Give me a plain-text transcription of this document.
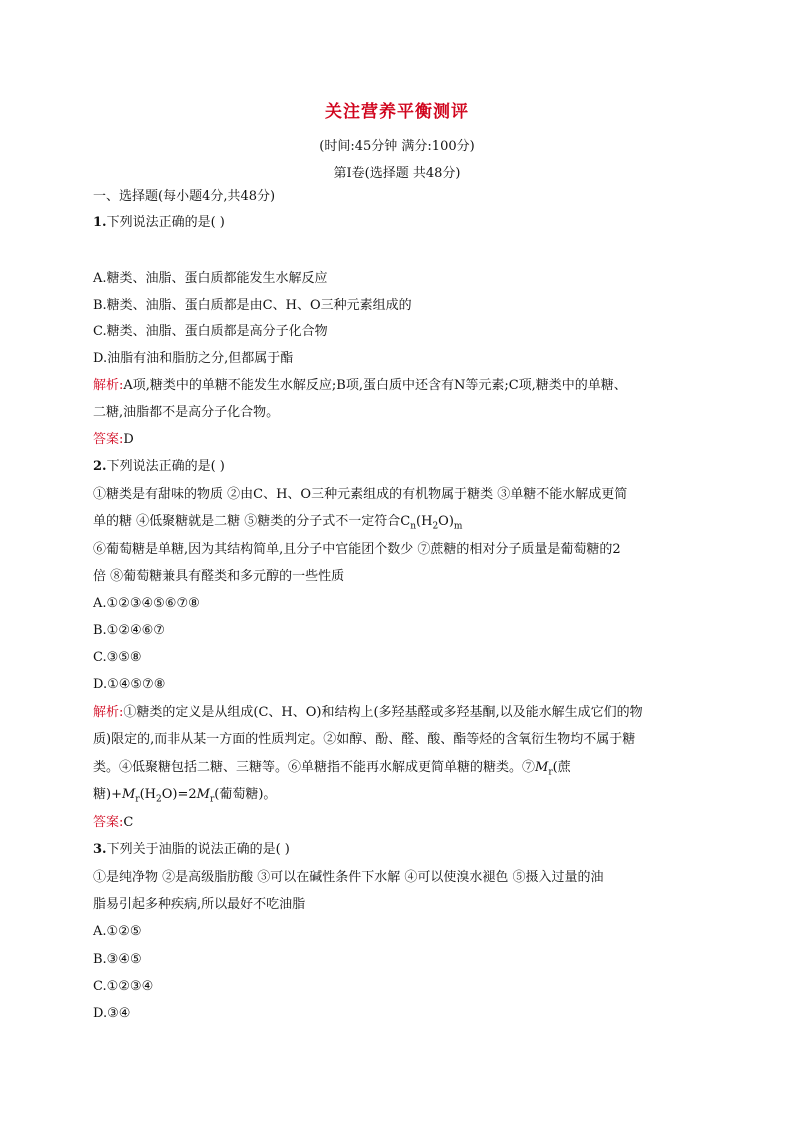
关注营养平衡测评
(时间:45分钟 满分:100分)
第Ⅰ卷(选择题 共48分)
一、选择题(每小题4分,共48分)
1.下列说法正确的是( )
A.糖类、油脂、蛋白质都能发生水解反应
B.糖类、油脂、蛋白质都是由C、H、O三种元素组成的
C.糖类、油脂、蛋白质都是高分子化合物
D.油脂有油和脂肪之分,但都属于酯
解析:A项,糖类中的单糖不能发生水解反应;B项,蛋白质中还含有N等元素;C项,糖类中的单糖、
二糖,油脂都不是高分子化合物。
答案:D
2.下列说法正确的是( )
①糖类是有甜味的物质 ②由C、H、O三种元素组成的有机物属于糖类 ③单糖不能水解成更简
单的糖 ④低聚糖就是二糖 ⑤糖类的分子式不一定符合$C_n(H_2O)_m$
⑥葡萄糖是单糖,因为其结构简单,且分子中官能团个数少 ⑦蔗糖的相对分子质量是葡萄糖的2
倍 ⑧葡萄糖兼具有醛类和多元醇的一些性质
A.①②③④⑤⑥⑦⑧
B.①②④⑥⑦
C.③⑤⑧
D.①④⑤⑦⑧
解析:①糖类的定义是从组成(C、H、O)和结构上(多羟基醛或多羟基酮,以及能水解生成它们的物
质)限定的,而非从某一方面的性质判定。②如醇、酚、醛、酸、酯等烃的含氧衍生物均不属于糖
类。④低聚糖包括二糖、三糖等。⑥单糖指不能再水解成更简单糖的糖类。$⑦M_r$(蔗
糖)$+M_r(H_2O)=2M_r$(葡萄糖)。
答案:C
3.下列关于油脂的说法正确的是( )
①是纯净物 ②是高级脂肪酸 ③可以在碱性条件下水解 ④可以使溴水褪色 ⑤摄入过量的油
脂易引起多种疾病,所以最好不吃油脂
A.①②⑤
B.③④⑤
C.①②③④
D.③④
